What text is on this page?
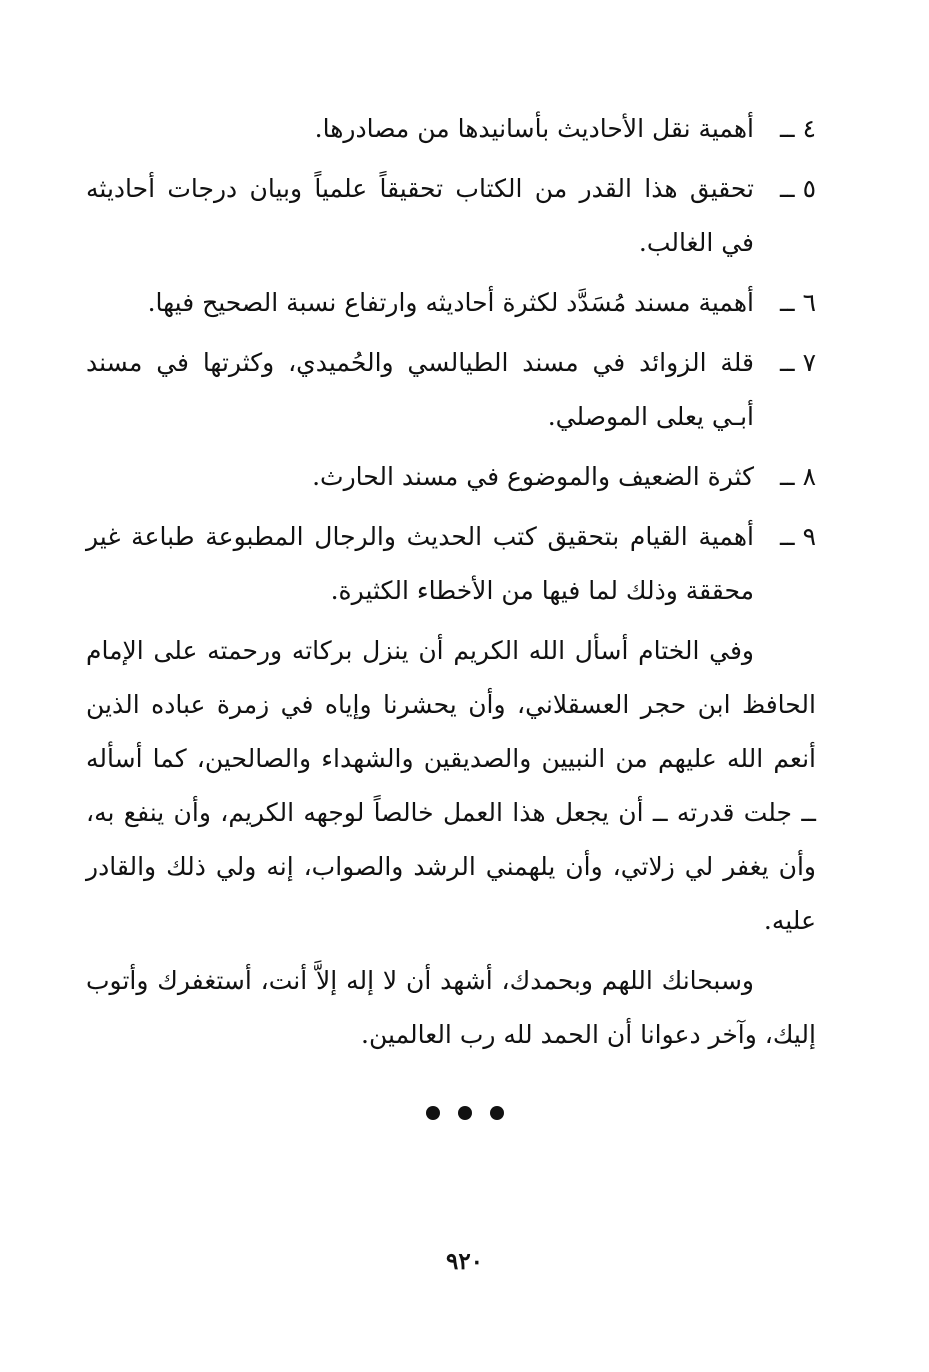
٤ ــ
أهمية نقل الأحاديث بأسانيدها من مصادرها.
٥ ــ
تحقيق هذا القدر من الكتاب تحقيقاً علمياً وبيان درجات أحاديثه في الغالب.
٦ ــ
أهمية مسند مُسَدَّد لكثرة أحاديثه وارتفاع نسبة الصحيح فيها.
٧ ــ
قلة الزوائد في مسند الطيالسي والحُميدي، وكثرتها في مسند أبـي يعلى الموصلي.
٨ ــ
كثرة الضعيف والموضوع في مسند الحارث.
٩ ــ
أهمية القيام بتحقيق كتب الحديث والرجال المطبوعة طباعة غير محققة وذلك لما فيها من الأخطاء الكثيرة.

وفي الختام أسأل الله الكريم أن ينزل بركاته ورحمته على الإمام الحافظ ابن حجر العسقلاني، وأن يحشرنا وإياه في زمرة عباده الذين أنعم الله عليهم من النبيين والصديقين والشهداء والصالحين، كما أسأله ــ جلت قدرته ــ أن يجعل هذا العمل خالصاً لوجهه الكريم، وأن ينفع به، وأن يغفر لي زلاتي، وأن يلهمني الرشد والصواب، إنه ولي ذلك والقادر عليه.

وسبحانك اللهم وبحمدك، أشهد أن لا إله إلاَّ أنت، أستغفرك وأتوب إليك، وآخر دعوانا أن الحمد لله رب العالمين.

٩٢٠
